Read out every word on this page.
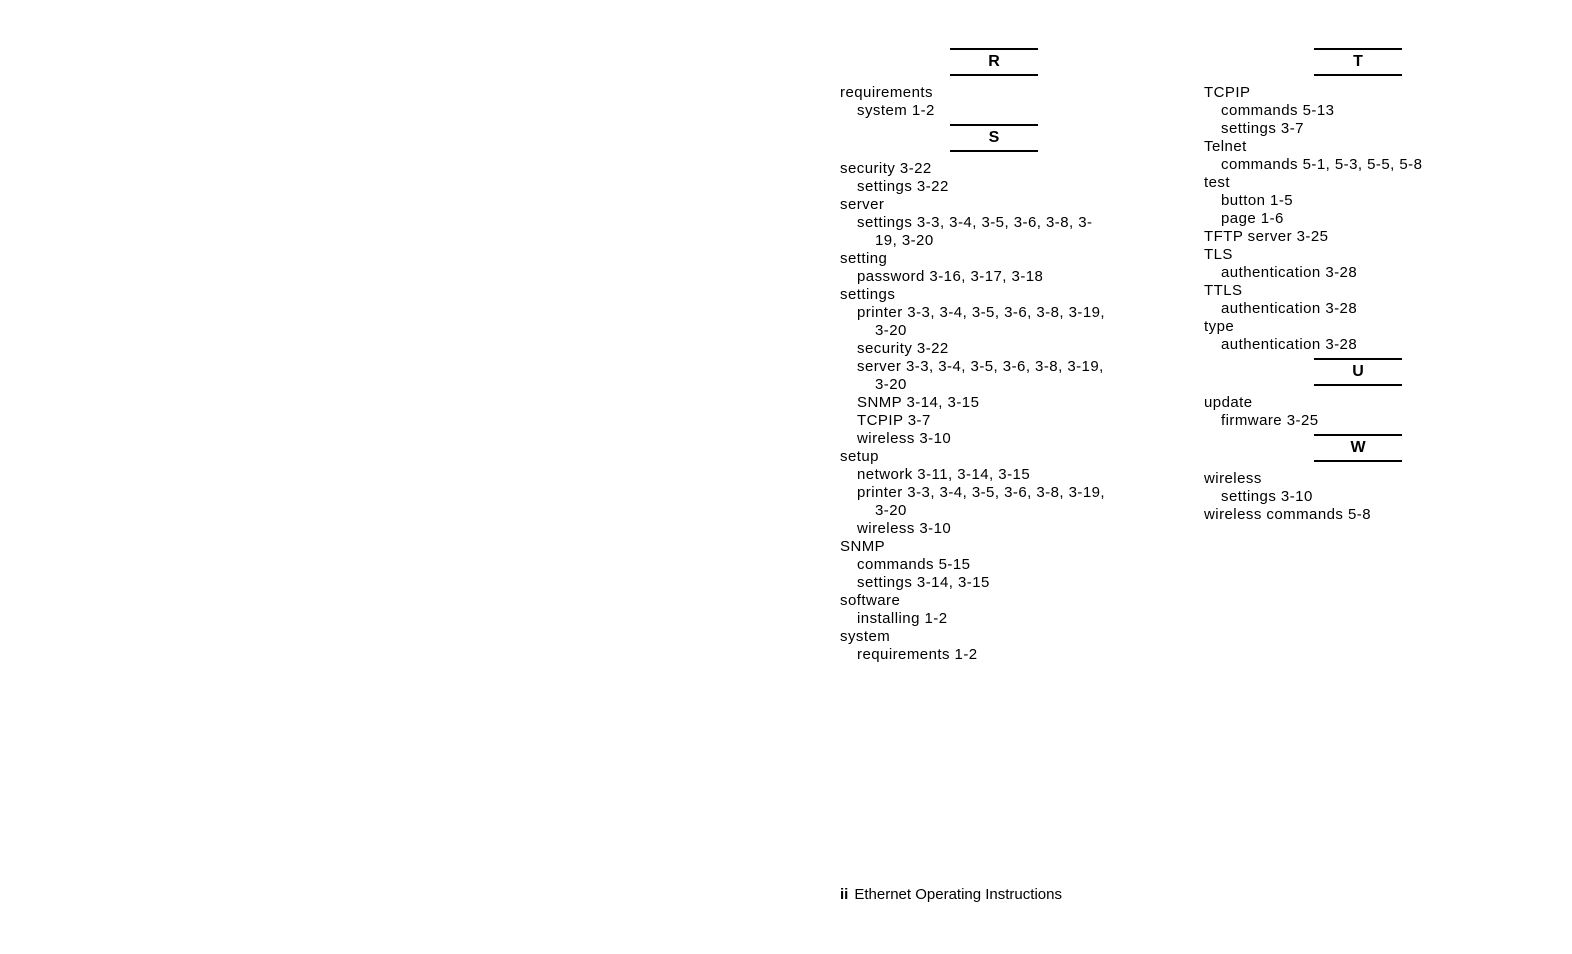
R
requirements
system 1-2
S
security 3-22
settings 3-22
server
settings 3-3, 3-4, 3-5, 3-6, 3-8, 3-
19, 3-20
setting
password 3-16, 3-17, 3-18
settings
printer 3-3, 3-4, 3-5, 3-6, 3-8, 3-19,
3-20
security 3-22
server 3-3, 3-4, 3-5, 3-6, 3-8, 3-19,
3-20
SNMP 3-14, 3-15
TCPIP 3-7
wireless 3-10
setup
network 3-11, 3-14, 3-15
printer 3-3, 3-4, 3-5, 3-6, 3-8, 3-19,
3-20
wireless 3-10
SNMP
commands 5-15
settings 3-14, 3-15
software
installing 1-2
system
requirements 1-2
T
TCPIP
commands 5-13
settings 3-7
Telnet
commands 5-1, 5-3, 5-5, 5-8
test
button 1-5
page 1-6
TFTP server 3-25
TLS
authentication 3-28
TTLS
authentication 3-28
type
authentication 3-28
U
update
firmware 3-25
W
wireless
settings 3-10
wireless commands 5-8
ii Ethernet Operating Instructions
